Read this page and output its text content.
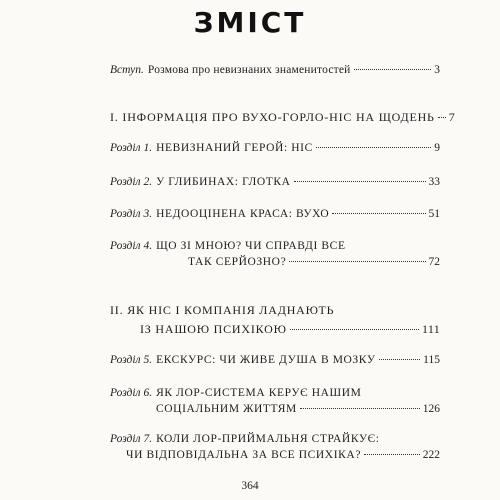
ЗМІСТ
Вступ. Розмова про невизнаних знаменитостей	3
I. ІНФОРМАЦІЯ ПРО ВУХО-ГОРЛО-НІС НА ЩОДЕНЬ 7
Розділ 1. НЕВИЗНАНИЙ ГЕРОЙ: НІС	9
Розділ 2. У ГЛИБИНАХ: ГЛОТКА	33
Розділ 3. НЕДООЦІНЕНА КРАСА: ВУХО	51
Розділ 4. ЩО ЗІ МНОЮ? ЧИ СПРАВДІ ВСЕ
ТАК СЕРЙОЗНО?	72
II. ЯК НІС І КОМПАНІЯ ЛАДНАЮТЬ
ІЗ НАШОЮ ПСИХІКОЮ	111
Розділ 5. ЕКСКУРС: ЧИ ЖИВЕ ДУША В МОЗКУ	115
Розділ 6. ЯК ЛОР-СИСТЕМА КЕРУЄ НАШИМ
СОЦІАЛЬНИМ ЖИТТЯМ	126
Розділ 7. КОЛИ ЛОР-ПРИЙМАЛЬНЯ СТРАЙКУЄ:
ЧИ ВІДПОВІДАЛЬНА ЗА ВСЕ ПСИХІКА?	222
364
